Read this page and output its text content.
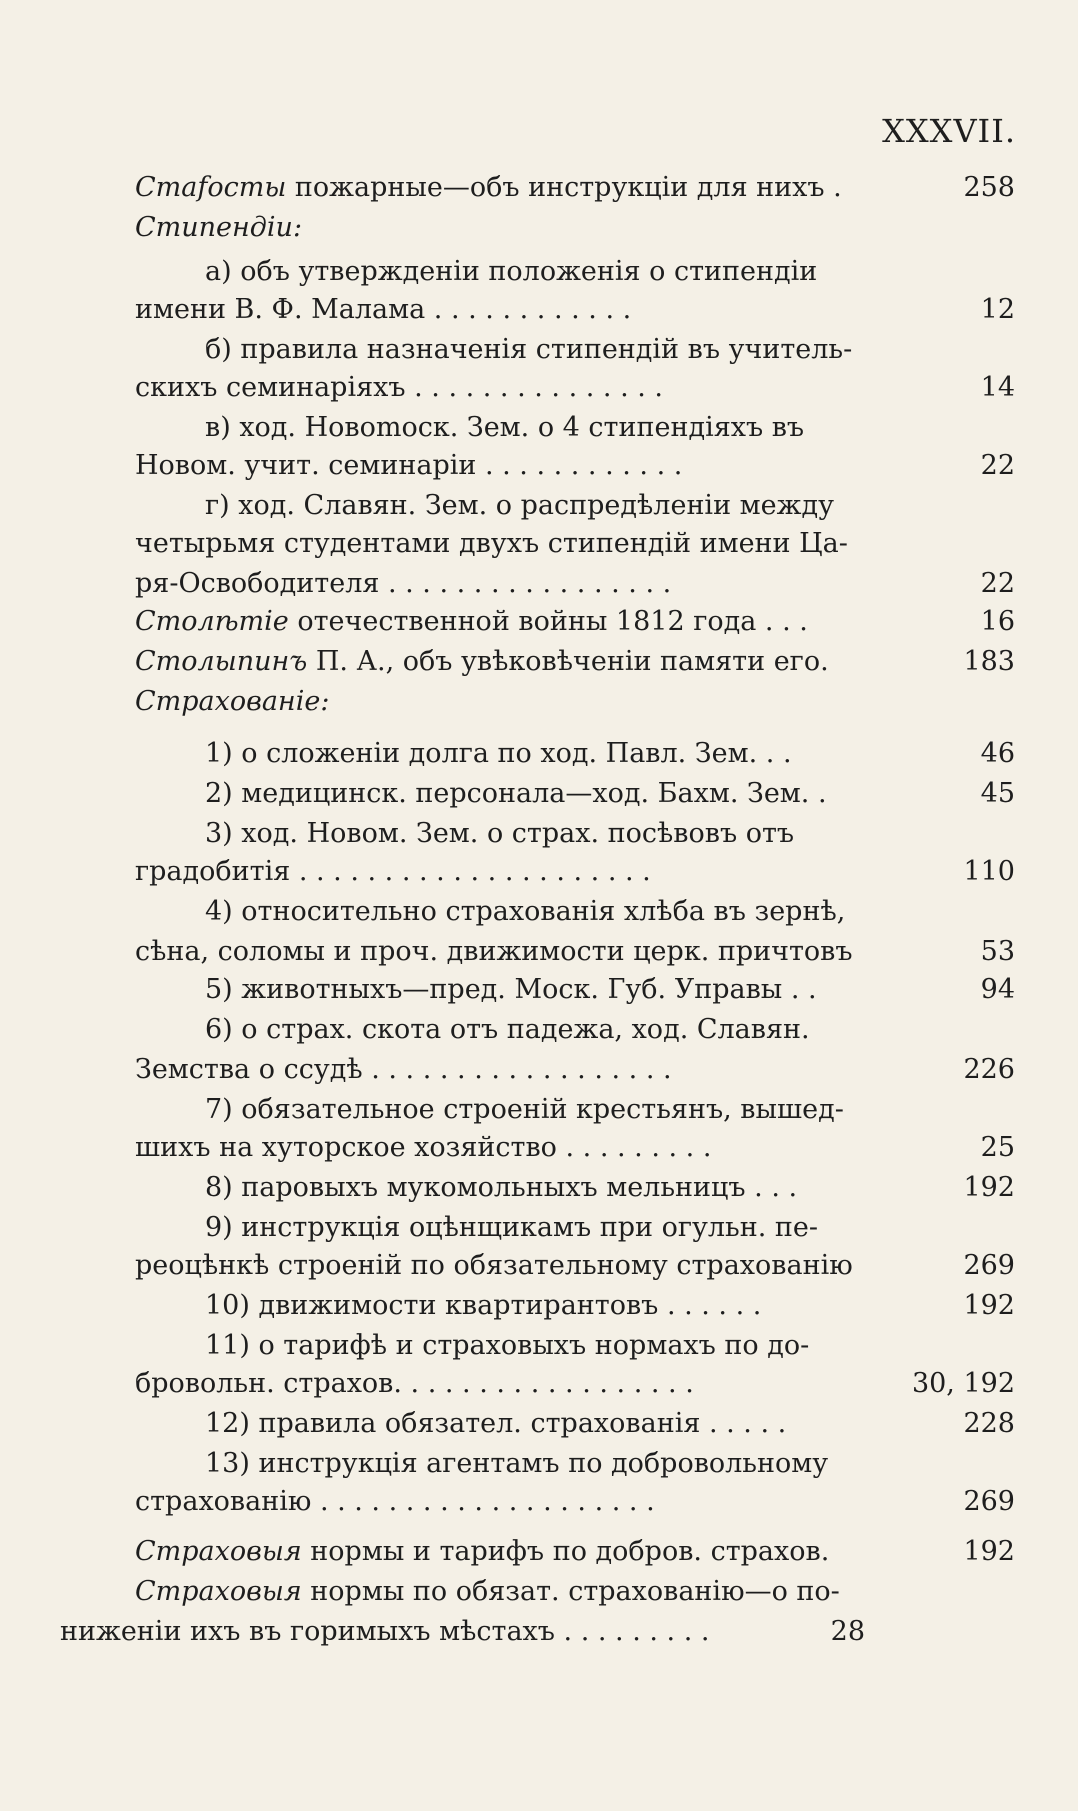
XXXVII.
Стаfосты пожарные—объ инструкціи для нихъ .	258
Стипендіи:
а) объ утвержденіи положенія о стипендіи
имени В. Ф. Малама . . . . . . . . . . . .	12
б) правила назначенія стипендій въ учитель-
скихъ семинаріяхъ . . . . . . . . . . . . . . .	14
в) ход. Новоmоск. Зем. о 4 стипендіяхъ въ
Новом. учит. семинаріи . . . . . . . . . . . .	22
г) ход. Славян. Зем. о распредѣленіи между
четырьмя студентами двухъ стипендій имени Ца-
ря-Освободителя . . . . . . . . . . . . . . . . .	22
Столѣтіе отечественной войны 1812 года . . .	16
Столыпинъ П. А., объ увѣковѣченіи памяти его.	183
Страхованіе:
1) о сложеніи долга по ход. Павл. Зем. . .	46
2) медицинск. персонала—ход. Бахм. Зем. .	45
3) ход. Новом. Зем. о страх. посѣвовъ отъ
градобитія . . . . . . . . . . . . . . . . . . . . .	110
4) относительно страхованія хлѣба въ зернѣ,
сѣна, соломы и проч. движимости церк. причтовъ	53
5) животныхъ—пред. Моск. Губ. Управы . .	94
6) о страх. скота отъ падежа, ход. Славян.
Земства о ссудѣ . . . . . . . . . . . . . . . . . .	226
7) обязательное строеній крестьянъ, вышед-
шихъ на хуторское хозяйство . . . . . . . . .	25
8) паровыхъ мукомольныхъ мельницъ . . .	192
9) инструкція оцѣнщикамъ при огульн. пе-
реоцѣнкѣ строеній по обязательному страхованію	269
10) движимости квартирантовъ . . . . . .	192
11) о тарифѣ и страховыхъ нормахъ по до-
бровольн. страхов. . . . . . . . . . . . . . . . . .	30, 192
12) правила обязател. страхованія . . . . .	228
13) инструкція агентамъ по добровольному
страхованію . . . . . . . . . . . . . . . . . . . .	269
Страховыя нормы и тарифъ по добров. страхов.	192
Страховыя нормы по обязат. страхованію—о по-
ниженіи ихъ въ горимыхъ мѣстахъ . . . . . . . . .	28
